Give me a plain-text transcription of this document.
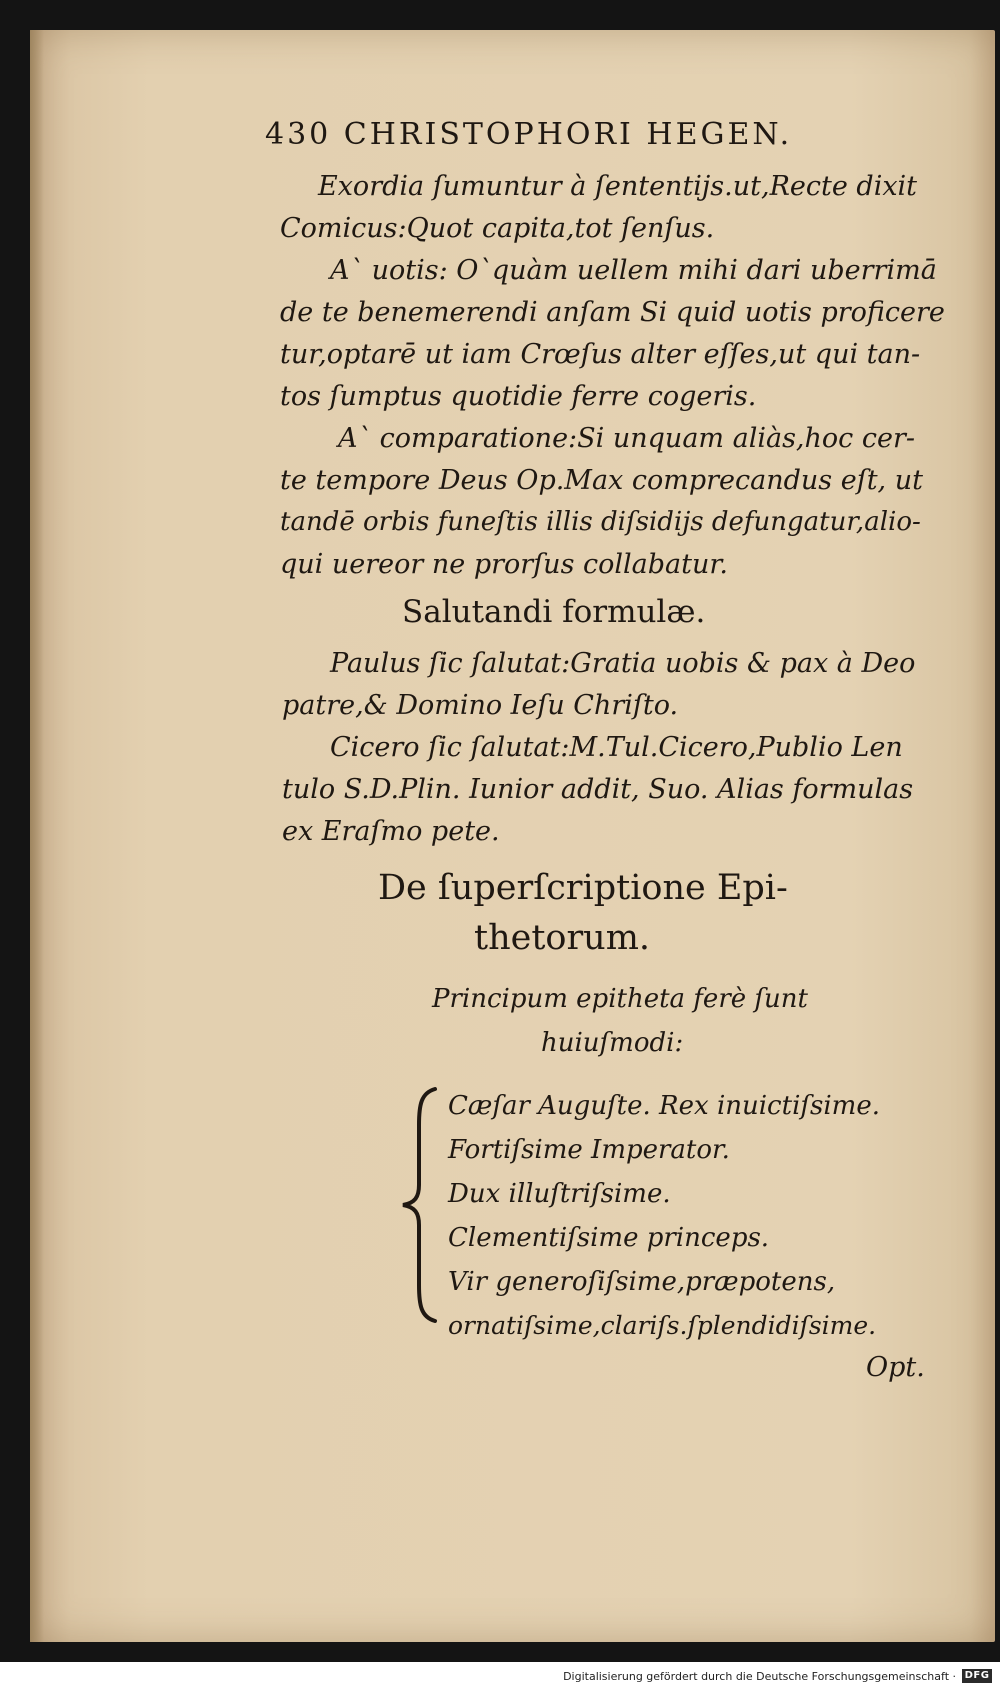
430 CHRISTOPHORI HEGEN.
Exordia ſumuntur à ſententijs.ut,Recte dixit
Comicus:Quot capita,tot ſenſus.
A` uotis: O`quàm uellem mihi dari uberrimā
de te benemerendi anſam Si quid uotis proficere
tur,optarē ut iam Crœſus alter eſſes,ut qui tan-
tos ſumptus quotidie ferre cogeris.
A` comparatione:Si unquam aliàs,hoc cer-
te tempore Deus Op.Max comprecandus eſt, ut
tandē orbis funeſtis illis diſsidijs defungatur,alio-
qui uereor ne prorſus collabatur.
Salutandi formulæ.
Paulus ſic ſalutat:Gratia uobis & pax à Deo
patre,& Domino Ieſu Chriſto.
Cicero ſic ſalutat:M.Tul.Cicero,Publio Len
tulo S.D.Plin. Iunior addit, Suo. Alias formulas
ex Eraſmo pete.
De ſuperſcriptione Epi-
thetorum.
Principum epitheta ferè ſunt
huiuſmodi:
Cæſar Auguſte. Rex inuictiſsime.
Fortiſsime Imperator.
Dux illuſtriſsime.
Clementiſsime princeps.
Vir generoſiſsime,præpotens,
ornatiſsime,clariſs.ſplendidiſsime.
Opt.
Digitalisierung gefördert durch die Deutsche Forschungsgemeinschaft · DFG
